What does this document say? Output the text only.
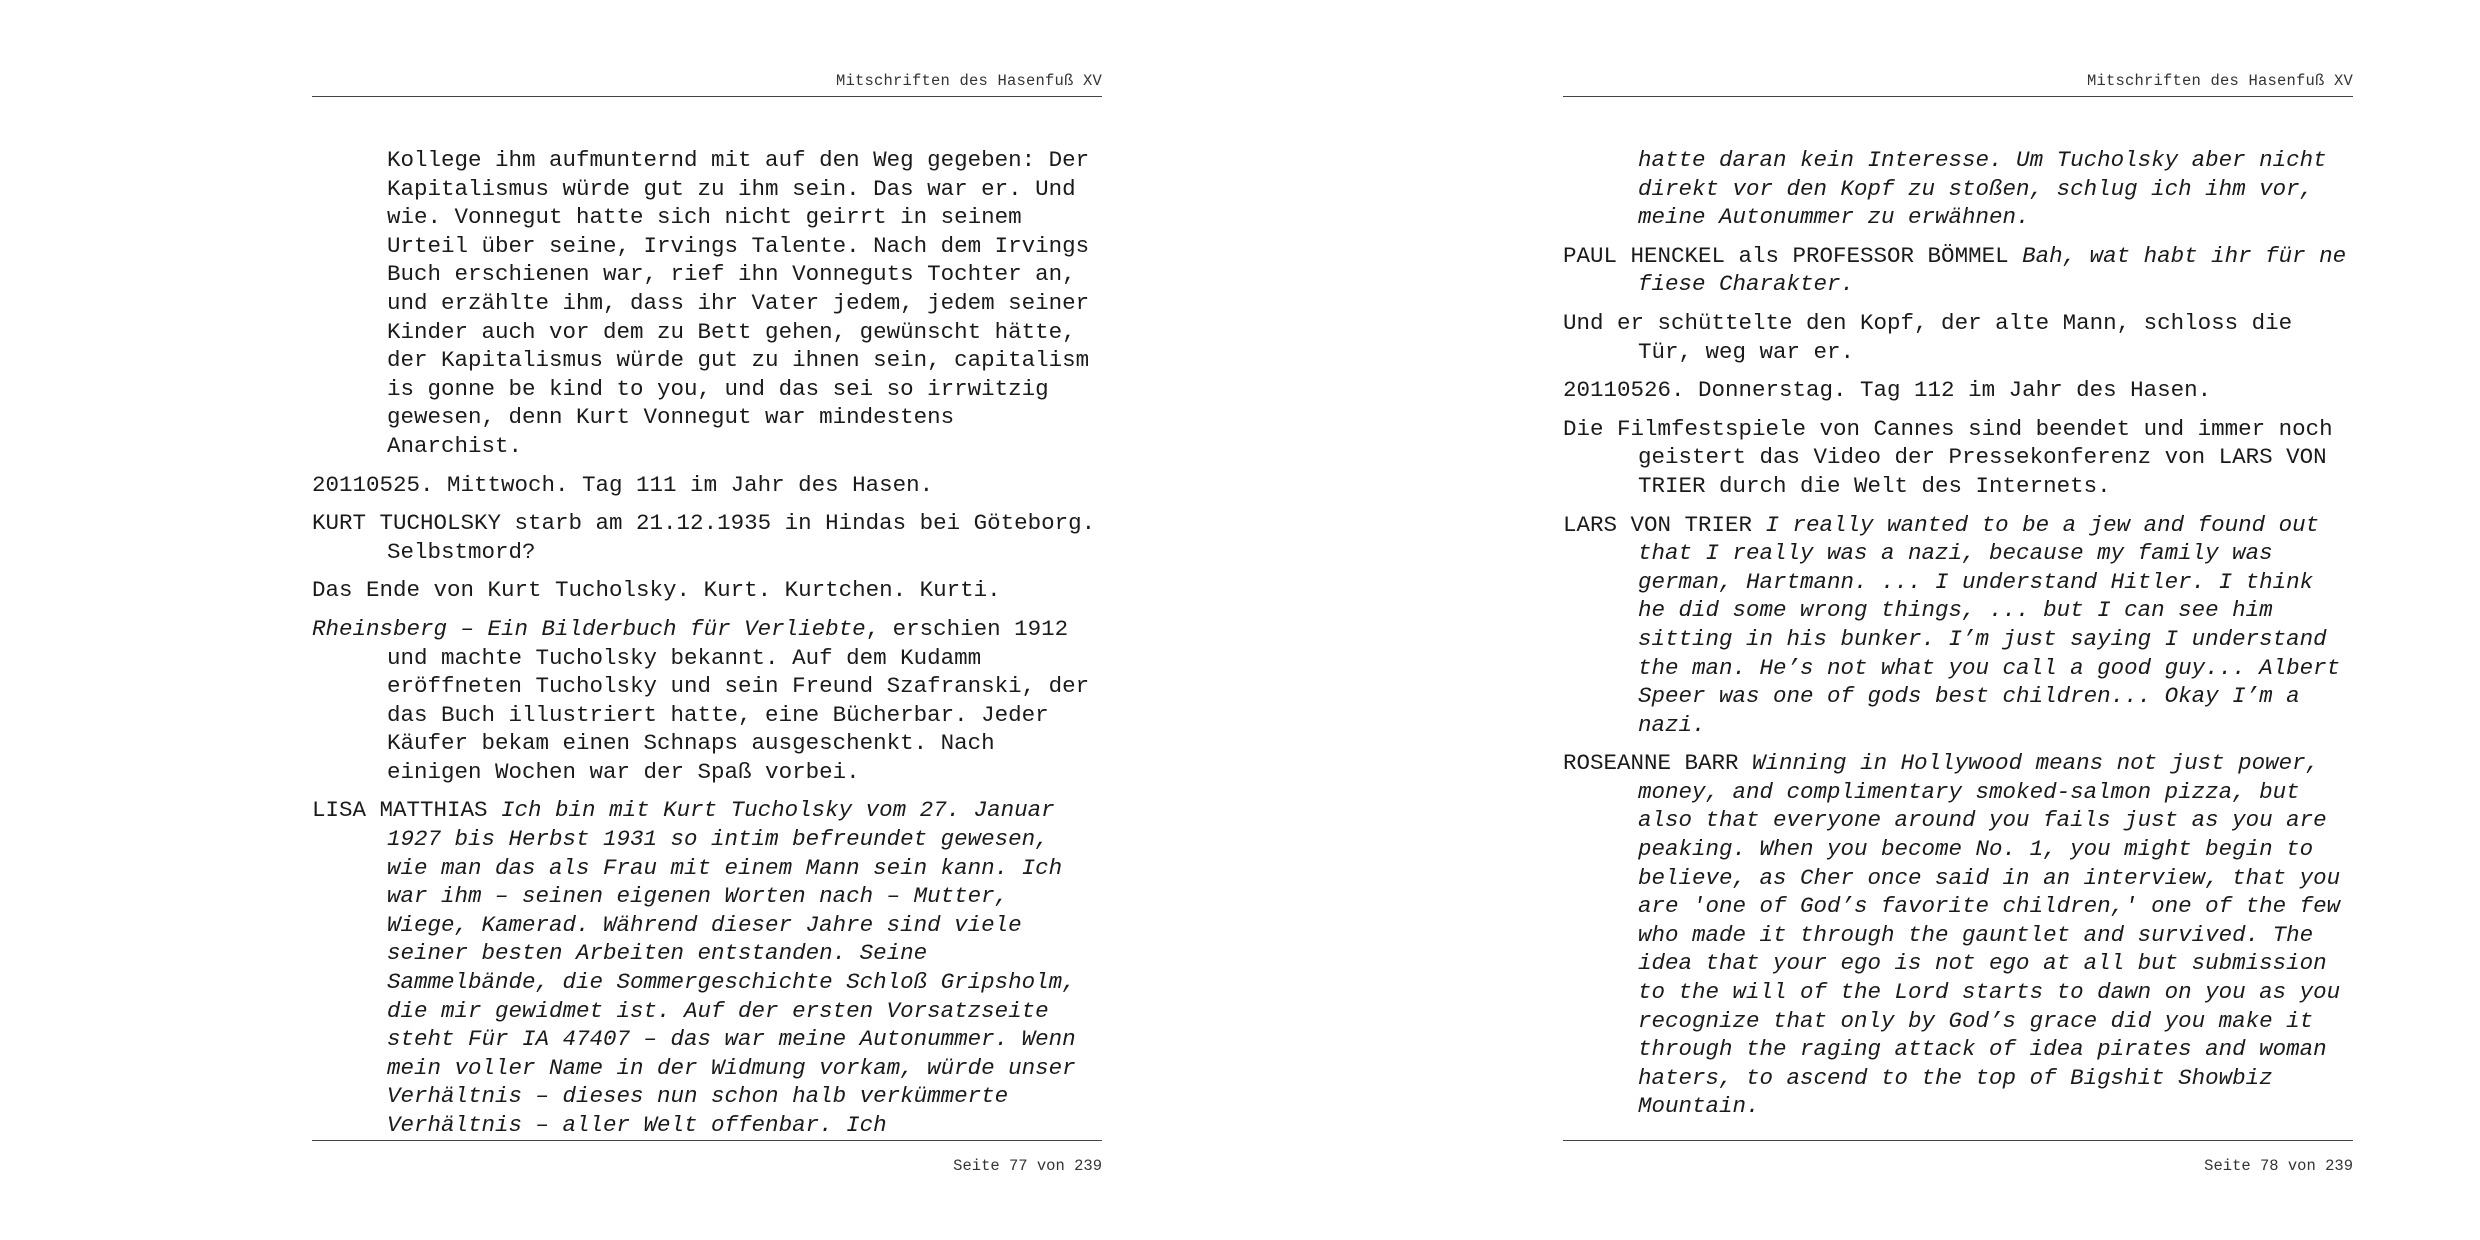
Mitschriften des Hasenfuß XV

Kollege ihm aufmunternd mit auf den Weg gegeben: Der Kapitalismus würde gut zu ihm sein. Das war er. Und wie. Vonnegut hatte sich nicht geirrt in seinem Urteil über seine, Irvings Talente. Nach dem Irvings Buch erschienen war, rief ihn Vonneguts Tochter an, und erzählte ihm, dass ihr Vater jedem, jedem seiner Kinder auch vor dem zu Bett gehen, gewünscht hätte, der Kapitalismus würde gut zu ihnen sein, capitalism is gonne be kind to you, und das sei so irrwitzig gewesen, denn Kurt Vonnegut war mindestens Anarchist.

20110525. Mittwoch. Tag 111 im Jahr des Hasen.

KURT TUCHOLSKY starb am 21.12.1935 in Hindas bei Göteborg. Selbstmord?

Das Ende von Kurt Tucholsky. Kurt. Kurtchen. Kurti.

Rheinsberg – Ein Bilderbuch für Verliebte, erschien 1912 und machte Tucholsky bekannt. Auf dem Kudamm eröffneten Tucholsky und sein Freund Szafranski, der das Buch illustriert hatte, eine Bücherbar. Jeder Käufer bekam einen Schnaps ausgeschenkt. Nach einigen Wochen war der Spaß vorbei.

LISA MATTHIAS Ich bin mit Kurt Tucholsky vom 27. Januar 1927 bis Herbst 1931 so intim befreundet gewesen, wie man das als Frau mit einem Mann sein kann. Ich war ihm – seinen eigenen Worten nach – Mutter, Wiege, Kamerad. Während dieser Jahre sind viele seiner besten Arbeiten entstanden. Seine Sammelbände, die Sommergeschichte Schloß Gripsholm, die mir gewidmet ist. Auf der ersten Vorsatzseite steht Für IA 47407 – das war meine Autonummer. Wenn mein voller Name in der Widmung vorkam, würde unser Verhältnis – dieses nun schon halb verkümmerte Verhältnis – aller Welt offenbar. Ich

Seite 77 von 239
Mitschriften des Hasenfuß XV

hatte daran kein Interesse. Um Tucholsky aber nicht direkt vor den Kopf zu stoßen, schlug ich ihm vor, meine Autonummer zu erwähnen.

PAUL HENCKEL als PROFESSOR BÖMMEL Bah, wat habt ihr für ne fiese Charakter.

Und er schüttelte den Kopf, der alte Mann, schloss die Tür, weg war er.

20110526. Donnerstag. Tag 112 im Jahr des Hasen.

Die Filmfestspiele von Cannes sind beendet und immer noch geistert das Video der Pressekonferenz von LARS VON TRIER durch die Welt des Internets.

LARS VON TRIER I really wanted to be a jew and found out that I really was a nazi, because my family was german, Hartmann. ... I understand Hitler. I think he did some wrong things, ... but I can see him sitting in his bunker. I’m just saying I understand the man. He’s not what you call a good guy... Albert Speer was one of gods best children... Okay I’m a nazi.

ROSEANNE BARR Winning in Hollywood means not just power, money, and complimentary smoked-salmon pizza, but also that everyone around you fails just as you are peaking. When you become No. 1, you might begin to believe, as Cher once said in an interview, that you are 'one of God’s favorite children,' one of the few who made it through the gauntlet and survived. The idea that your ego is not ego at all but submission to the will of the Lord starts to dawn on you as you recognize that only by God’s grace did you make it through the raging attack of idea pirates and woman haters, to ascend to the top of Bigshit Showbiz Mountain.

Seite 78 von 239
